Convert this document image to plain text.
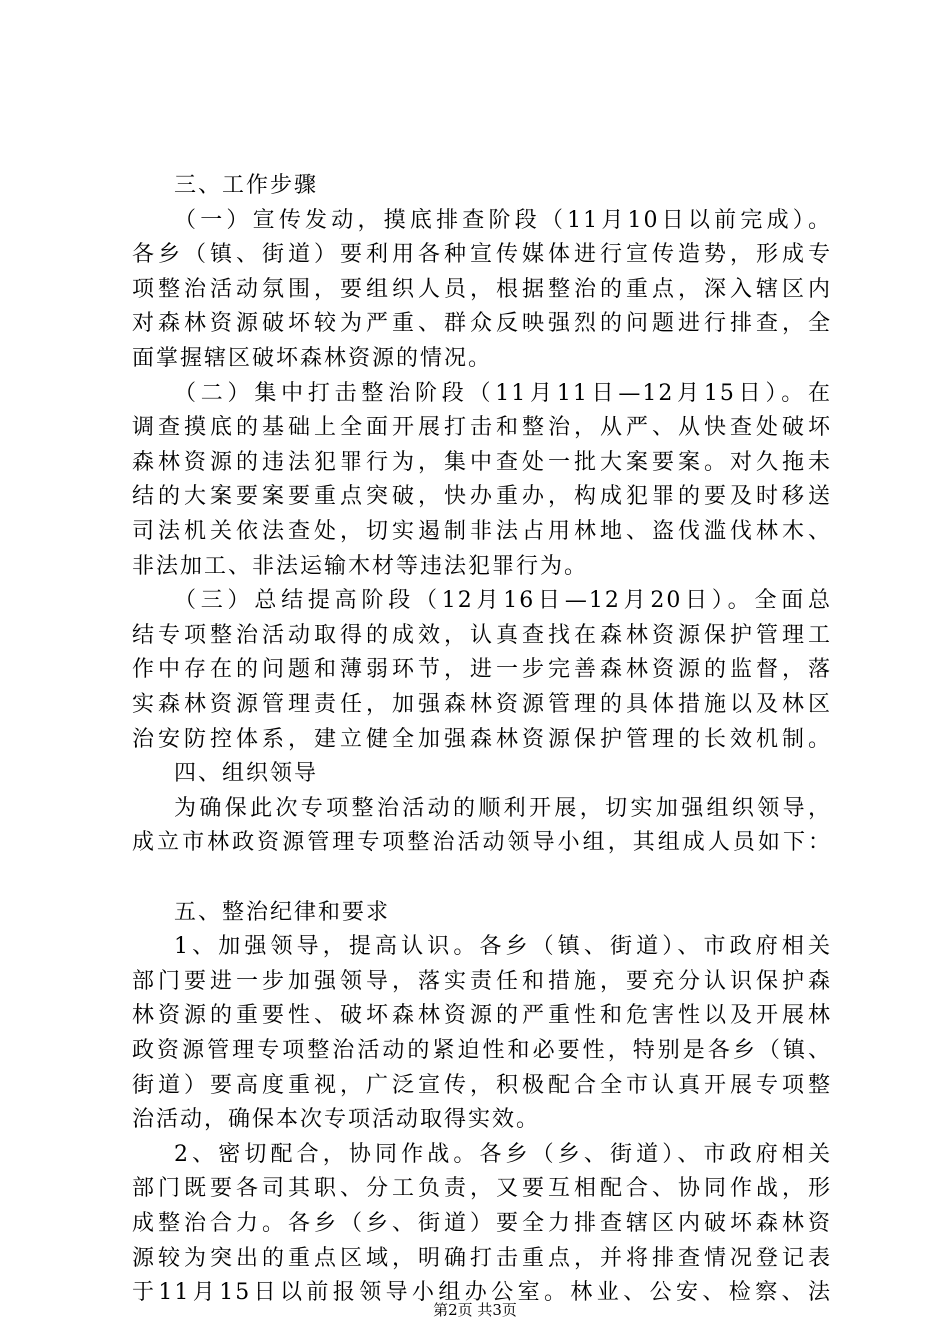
三、工作步骤
（一）宣传发动，摸底排查阶段（11月10日以前完成）。
各乡（镇、街道）要利用各种宣传媒体进行宣传造势，形成专
项整治活动氛围，要组织人员，根据整治的重点，深入辖区内
对森林资源破坏较为严重、群众反映强烈的问题进行排查，全
面掌握辖区破坏森林资源的情况。
（二）集中打击整治阶段（11月11日—12月15日）。在
调查摸底的基础上全面开展打击和整治，从严、从快查处破坏
森林资源的违法犯罪行为，集中查处一批大案要案。对久拖未
结的大案要案要重点突破，快办重办，构成犯罪的要及时移送
司法机关依法查处，切实遏制非法占用林地、盗伐滥伐林木、
非法加工、非法运输木材等违法犯罪行为。
（三）总结提高阶段（12月16日—12月20日）。全面总
结专项整治活动取得的成效，认真查找在森林资源保护管理工
作中存在的问题和薄弱环节，进一步完善森林资源的监督，落
实森林资源管理责任，加强森林资源管理的具体措施以及林区
治安防控体系，建立健全加强森林资源保护管理的长效机制。
四、组织领导
为确保此次专项整治活动的顺利开展，切实加强组织领导，
成立市林政资源管理专项整治活动领导小组，其组成人员如下：
五、整治纪律和要求
1、加强领导，提高认识。各乡（镇、街道）、市政府相关
部门要进一步加强领导，落实责任和措施，要充分认识保护森
林资源的重要性、破坏森林资源的严重性和危害性以及开展林
政资源管理专项整治活动的紧迫性和必要性，特别是各乡（镇、
街道）要高度重视，广泛宣传，积极配合全市认真开展专项整
治活动，确保本次专项活动取得实效。
2、密切配合，协同作战。各乡（乡、街道）、市政府相关
部门既要各司其职、分工负责，又要互相配合、协同作战，形
成整治合力。各乡（乡、街道）要全力排查辖区内破坏森林资
源较为突出的重点区域，明确打击重点，并将排查情况登记表
第2页 共3页
于11月15日以前报领导小组办公室。林业、公安、检察、法
